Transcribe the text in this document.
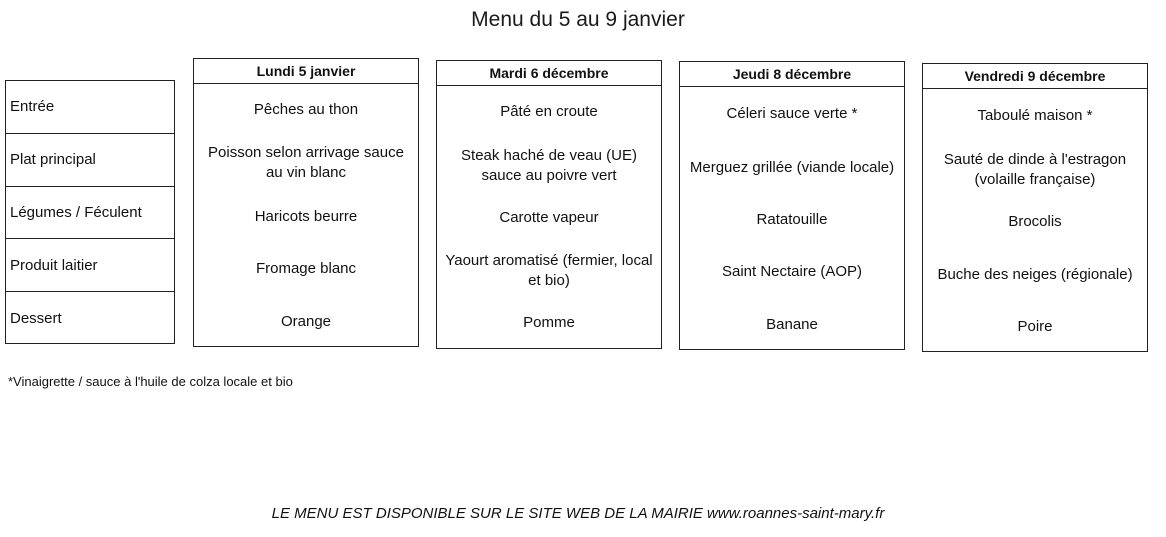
Menu du 5 au 9 janvier
Entrée
Plat principal
Légumes / Féculent
Produit laitier
Dessert
Lundi 5 janvier
Pêches au thon
Poisson selon arrivage sauce au vin blanc
Haricots beurre
Fromage blanc
Orange
Mardi 6 décembre
Pâté en croute
Steak haché de veau (UE) sauce au poivre vert
Carotte vapeur
Yaourt aromatisé (fermier, local et bio)
Pomme
Jeudi 8 décembre
Céleri sauce verte *
Merguez grillée (viande locale)
Ratatouille
Saint Nectaire (AOP)
Banane
Vendredi 9 décembre
Taboulé maison *
Sauté de dinde à l'estragon (volaille française)
Brocolis
Buche des neiges (régionale)
Poire
*Vinaigrette / sauce à l'huile de colza locale et bio
LE MENU EST DISPONIBLE SUR LE SITE WEB DE LA MAIRIE www.roannes-saint-mary.fr
